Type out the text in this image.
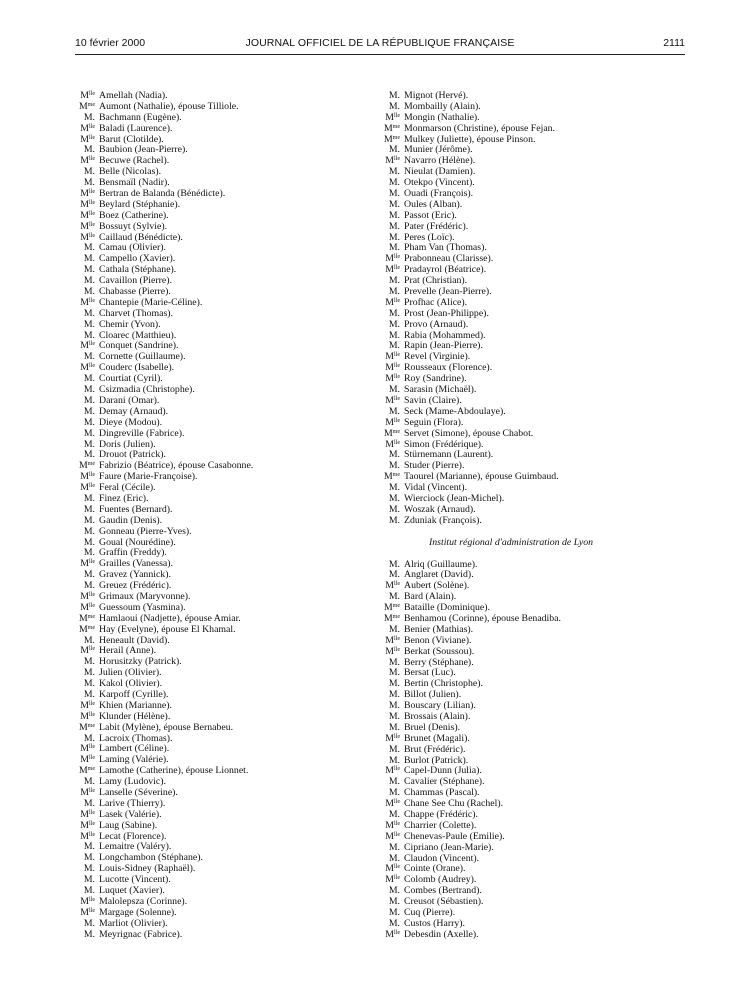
10 février 2000	JOURNAL OFFICIEL DE LA RÉPUBLIQUE FRANÇAISE	2111
$M^{lle}$ Amellah (Nadia).
$M^{me}$ Aumont (Nathalie), épouse Tilliole.
M. Bachmann (Eugène).
$M^{lle}$ Baladi (Laurence).
$M^{lle}$ Barut (Clotilde).
M. Baubion (Jean-Pierre).
$M^{lle}$ Becuwe (Rachel).
M. Belle (Nicolas).
M. Bensmaïl (Nadir).
$M^{lle}$ Bertran de Balanda (Bénédicte).
$M^{lle}$ Beylard (Stéphanie).
$M^{lle}$ Boez (Catherine).
$M^{lle}$ Bossuyt (Sylvie).
$M^{lle}$ Caillaud (Bénédicte).
M. Camau (Olivier).
M. Campello (Xavier).
M. Cathala (Stéphane).
M. Cavaillon (Pierre).
M. Chabasse (Pierre).
$M^{lle}$ Chantepie (Marie-Céline).
M. Charvet (Thomas).
M. Chemir (Yvon).
M. Cloarec (Matthieu).
$M^{lle}$ Conquet (Sandrine).
M. Cornette (Guillaume).
$M^{lle}$ Couderc (Isabelle).
M. Courtiat (Cyril).
M. Csizmadia (Christophe).
M. Darani (Omar).
M. Demay (Arnaud).
M. Dieye (Modou).
M. Dingreville (Fabrice).
M. Doris (Julien).
M. Drouot (Patrick).
$M^{me}$ Fabrizio (Béatrice), épouse Casabonne.
$M^{lle}$ Faure (Marie-Françoise).
$M^{lle}$ Feral (Cécile).
M. Finez (Eric).
M. Fuentes (Bernard).
M. Gaudin (Denis).
M. Gonneau (Pierre-Yves).
M. Goual (Nourédine).
M. Graffin (Freddy).
$M^{lle}$ Grailles (Vanessa).
M. Gravez (Yannick).
M. Greuez (Frédéric).
$M^{lle}$ Grimaux (Maryvonne).
$M^{lle}$ Guessoum (Yasmina).
$M^{me}$ Hamlaoui (Nadjette), épouse Amiar.
$M^{me}$ Hay (Evelyne), épouse El Khamal.
M. Heneault (David).
$M^{lle}$ Herail (Anne).
M. Horusitzky (Patrick).
M. Julien (Olivier).
M. Kakol (Olivier).
M. Karpoff (Cyrille).
$M^{lle}$ Khien (Marianne).
$M^{lle}$ Klunder (Hélène).
$M^{me}$ Labit (Mylène), épouse Bernabeu.
M. Lacroix (Thomas).
$M^{lle}$ Lambert (Céline).
$M^{lle}$ Laming (Valérie).
$M^{me}$ Lamothe (Catherine), épouse Lionnet.
M. Lamy (Ludovic).
$M^{lle}$ Lanselle (Séverine).
M. Larive (Thierry).
$M^{lle}$ Lasek (Valérie).
$M^{lle}$ Laug (Sabine).
$M^{lle}$ Lecat (Florence).
M. Lemaitre (Valéry).
M. Longchambon (Stéphane).
M. Louis-Sidney (Raphaël).
M. Lucotte (Vincent).
M. Luquet (Xavier).
$M^{lle}$ Malolepsza (Corinne).
$M^{lle}$ Margage (Solenne).
M. Marliot (Olivier).
M. Meyrignac (Fabrice).
M. Mignot (Hervé).
M. Mombailly (Alain).
$M^{lle}$ Mongin (Nathalie).
$M^{me}$ Monmarson (Christine), épouse Fejan.
$M^{me}$ Mulkey (Juliette), épouse Pinson.
M. Munier (Jérôme).
$M^{lle}$ Navarro (Hélène).
M. Nieulat (Damien).
M. Otekpo (Vincent).
M. Ouadi (François).
M. Oules (Alban).
M. Passot (Eric).
M. Pater (Frédéric).
M. Peres (Loïc).
M. Pham Van (Thomas).
$M^{lle}$ Prabonneau (Clarisse).
$M^{lle}$ Pradayrol (Béatrice).
M. Prat (Christian).
M. Prevelle (Jean-Pierre).
$M^{lle}$ Profhac (Alice).
M. Prost (Jean-Philippe).
M. Provo (Arnaud).
M. Rabia (Mohammed).
M. Rapin (Jean-Pierre).
$M^{lle}$ Revel (Virginie).
$M^{lle}$ Rousseaux (Florence).
$M^{lle}$ Roy (Sandrine).
M. Sarasin (Michaël).
$M^{lle}$ Savin (Claire).
M. Seck (Mame-Abdoulaye).
$M^{lle}$ Seguin (Flora).
$M^{me}$ Servet (Simone), épouse Chabot.
$M^{lle}$ Simon (Frédérique).
M. Stürnemann (Laurent).
M. Studer (Pierre).
$M^{me}$ Taourel (Marianne), épouse Guimbaud.
M. Vidal (Vincent).
M. Wierciock (Jean-Michel).
M. Woszak (Arnaud).
M. Zduniak (François).
Institut régional d'administration de Lyon
M. Alriq (Guillaume).
M. Anglaret (David).
$M^{lle}$ Aubert (Solène).
M. Bard (Alain).
$M^{me}$ Bataille (Dominique).
$M^{me}$ Benhamou (Corinne), épouse Benadiba.
M. Benier (Mathias).
$M^{lle}$ Benon (Viviane).
$M^{lle}$ Berkat (Soussou).
M. Berry (Stéphane).
M. Bersat (Luc).
M. Bertin (Christophe).
M. Billot (Julien).
M. Bouscary (Lilian).
M. Brossais (Alain).
M. Bruel (Denis).
$M^{lle}$ Brunet (Magali).
M. Brut (Frédéric).
M. Burlot (Patrick).
$M^{lle}$ Capel-Dunn (Julia).
M. Cavalier (Stéphane).
M. Chammas (Pascal).
$M^{lle}$ Chane See Chu (Rachel).
M. Chappe (Frédéric).
$M^{lle}$ Charrier (Colette).
$M^{lle}$ Chenevas-Paule (Emilie).
M. Cipriano (Jean-Marie).
M. Claudon (Vincent).
$M^{lle}$ Cointe (Orane).
$M^{lle}$ Colomb (Audrey).
M. Combes (Bertrand).
M. Creusot (Sébastien).
M. Cuq (Pierre).
M. Custos (Harry).
$M^{lle}$ Debesdin (Axelle).
